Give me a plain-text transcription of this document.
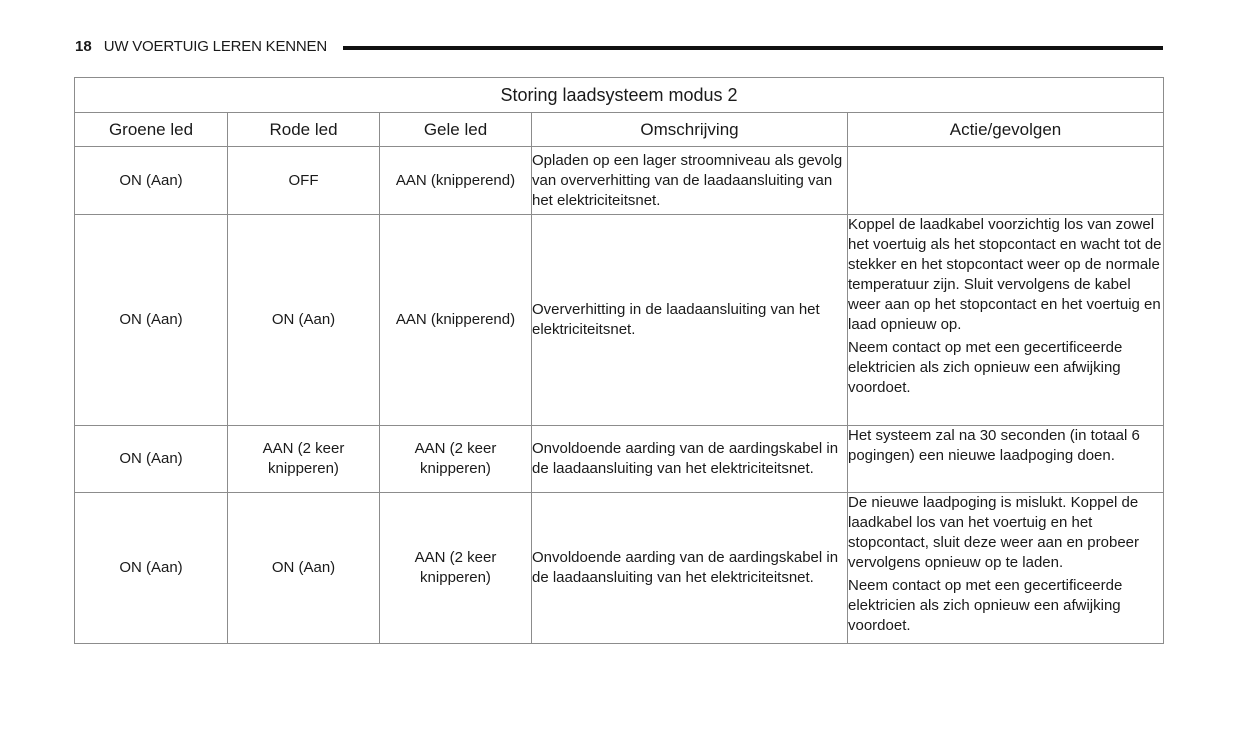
18 UW VOERTUIG LEREN KENNEN
Storing laadsysteem modus 2				
Groene led	Rode led	Gele led	Omschrijving	Actie/gevolgen
ON (Aan)	OFF	AAN (knipperend)	Opladen op een lager stroomniveau als gevolg van oververhitting van de laadaansluiting van het elektriciteitsnet.	
ON (Aan)	ON (Aan)	AAN (knipperend)	Oververhitting in de laadaansluiting van het elektriciteitsnet.	Koppel de laadkabel voorzichtig los van zowel het voertuig als het stopcontact en wacht tot de stekker en het stopcontact weer op de normale temperatuur zijn. Sluit vervolgens de kabel weer aan op het stopcontact en het voertuig en laad opnieuw op.
Neem contact op met een gecertificeerde elektricien als zich opnieuw een afwijking voordoet.

ON (Aan)	AAN (2 keer knipperen)	AAN (2 keer knipperen)	Onvoldoende aarding van de aardingskabel in de laadaansluiting van het elektriciteitsnet.	Het systeem zal na 30 seconden (in totaal 6 pogingen) een nieuwe laadpoging doen.
ON (Aan)	ON (Aan)	AAN (2 keer knipperen)	Onvoldoende aarding van de aardingskabel in de laadaansluiting van het elektriciteitsnet.	De nieuwe laadpoging is mislukt. Koppel de laadkabel los van het voertuig en het stopcontact, sluit deze weer aan en probeer vervolgens opnieuw op te laden.
Neem contact op met een gecertificeerde elektricien als zich opnieuw een afwijking voordoet.
